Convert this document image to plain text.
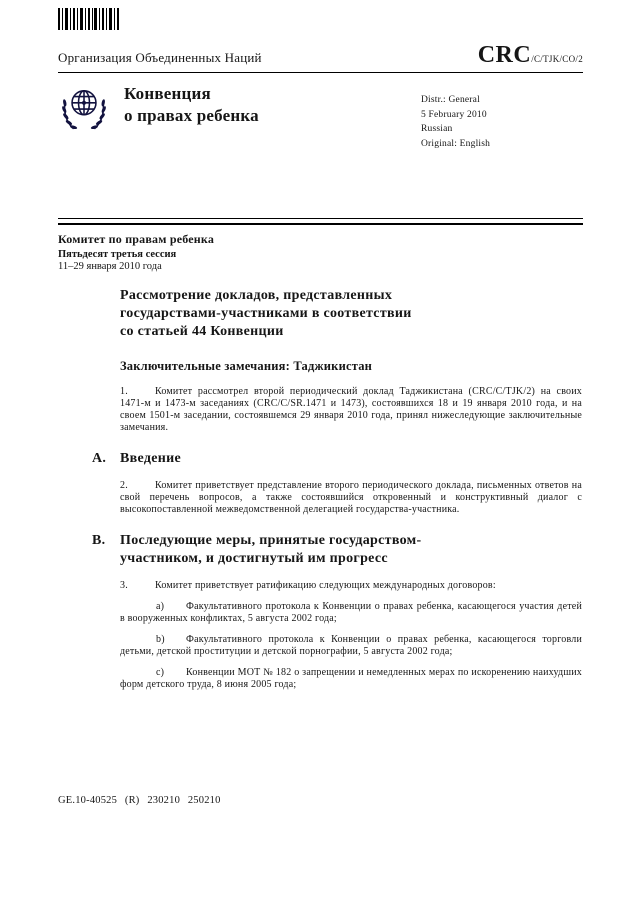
Организация Объединенных Наций	CRC/C/TJK/CO/2
Конвенция
о правах ребенка
Distr.: General
5 February 2010
Russian
Original: English
Комитет по правам ребенка
Пятьдесят третья сессия
11–29 января 2010 года
Рассмотрение докладов, представленных
государствами-участниками в соответствии
со статьей 44 Конвенции
Заключительные замечания: Таджикистан

1.	Комитет рассмотрел второй периодический доклад Таджикистана (CRC/C/TJK/2) на своих 1471-м и 1473-м заседаниях (CRC/C/SR.1471 и 1473), состоявшихся 18 и 19 января 2010 года, и на своем 1501-м заседании, состоявшемся 29 января 2010 года, принял нижеследующие заключительные замечания.

A. Введение

2.	Комитет приветствует представление второго периодического доклада, письменных ответов на свой перечень вопросов, а также состоявшийся откровенный и конструктивный диалог с высокопоставленной межведомственной делегацией государства-участника.

B.	Последующие меры, принятые государством-
участником, и достигнутый им прогресс

3.	Комитет приветствует ратификацию следующих международных договоров:

a) Факультативного протокола к Конвенции о правах ребенка, касающегося участия детей в вооруженных конфликтах, 5 августа 2002 года;

b) Факультативного протокола к Конвенции о правах ребенка, касающегося торговли детьми, детской проституции и детской порнографии, 5 августа 2002 года;

c) Конвенции МОТ № 182 о запрещении и немедленных мерах по искоренению наихудших форм детского труда, 8 июня 2005 года;

GE.10-40525 (R) 230210 250210
